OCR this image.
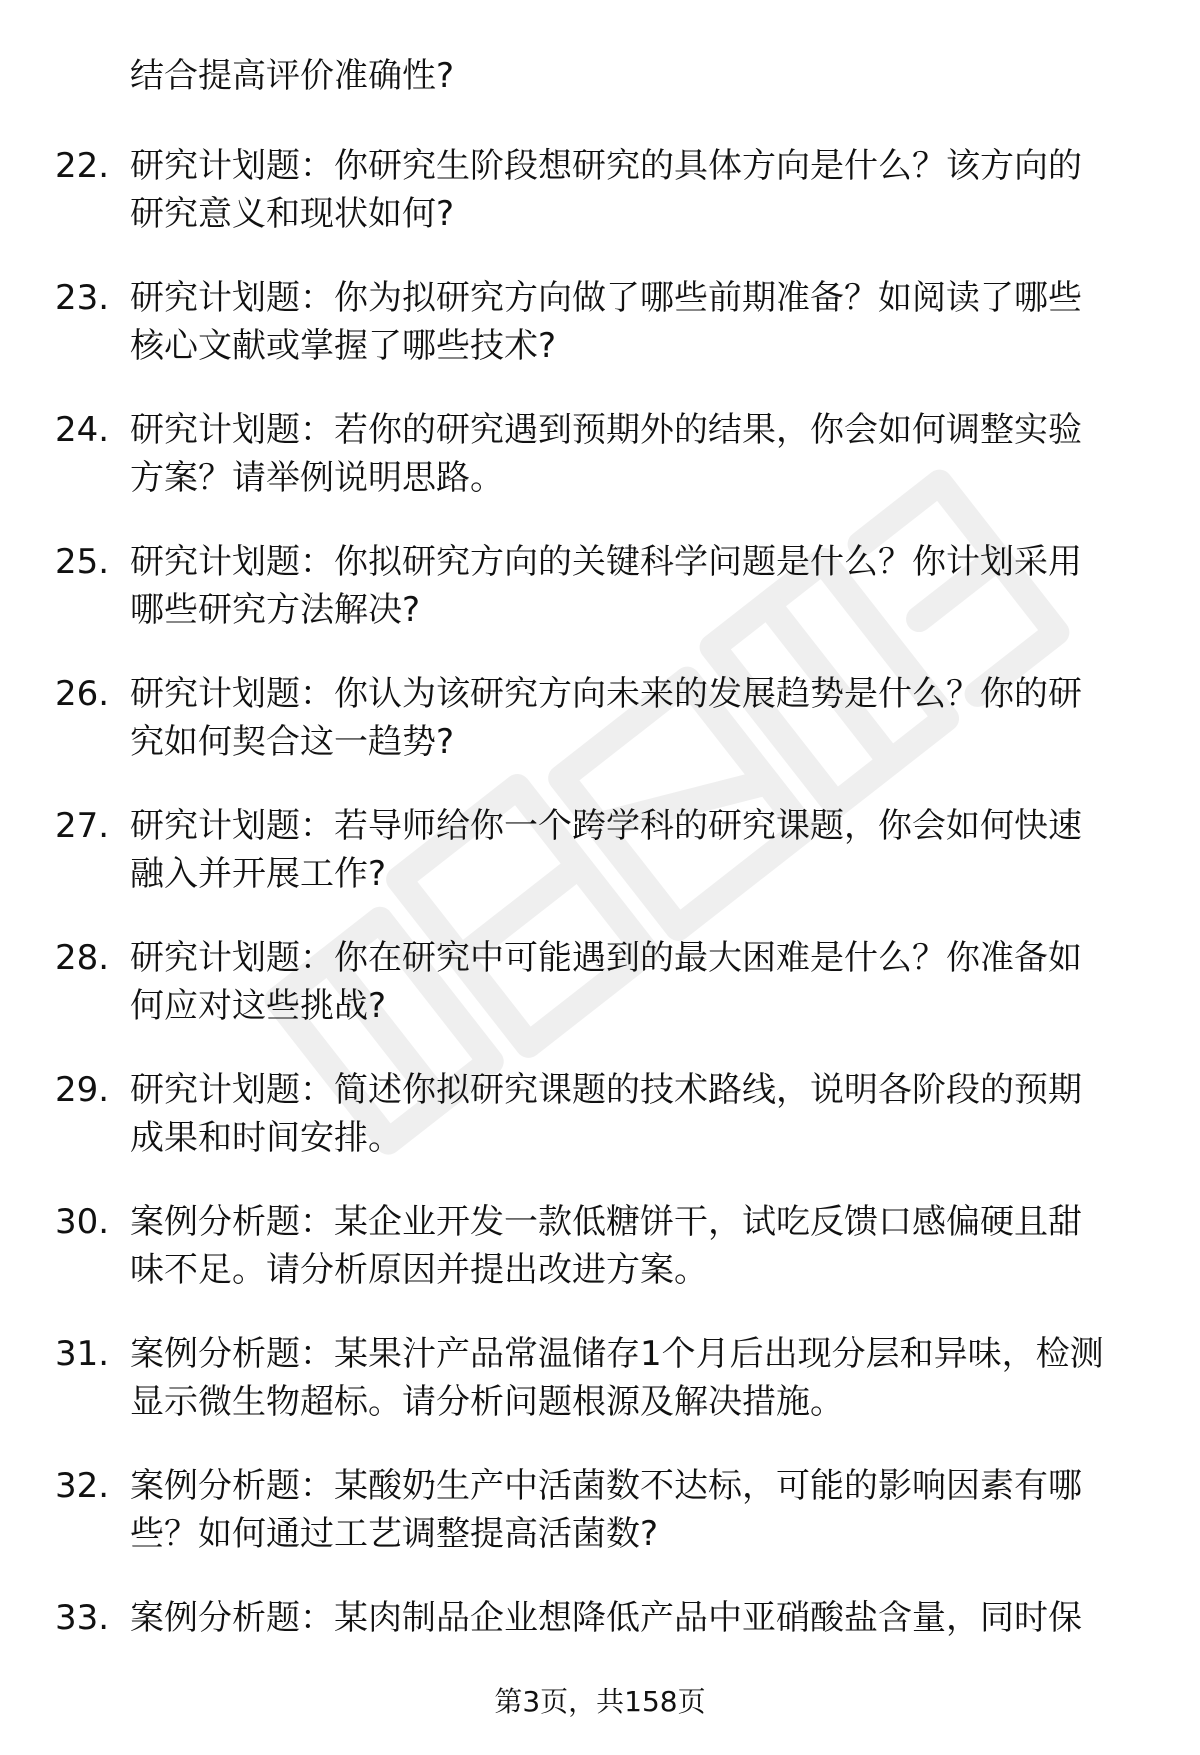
结合提高评价准确性?
22. 研究计划题：你研究生阶段想研究的具体方向是什么？该方向的
研究意义和现状如何?
23. 研究计划题：你为拟研究方向做了哪些前期准备？如阅读了哪些
核心文献或掌握了哪些技术?
24. 研究计划题：若你的研究遇到预期外的结果，你会如何调整实验
方案？请举例说明思路。
25. 研究计划题：你拟研究方向的关键科学问题是什么？你计划采用
哪些研究方法解决?
26. 研究计划题：你认为该研究方向未来的发展趋势是什么？你的研
究如何契合这一趋势?
27. 研究计划题：若导师给你一个跨学科的研究课题，你会如何快速
融入并开展工作?
28. 研究计划题：你在研究中可能遇到的最大困难是什么？你准备如
何应对这些挑战?
29. 研究计划题：简述你拟研究课题的技术路线，说明各阶段的预期
成果和时间安排。
30. 案例分析题：某企业开发一款低糖饼干，试吃反馈口感偏硬且甜
味不足。请分析原因并提出改进方案。
31. 案例分析题：某果汁产品常温储存1个月后出现分层和异味，检测
显示微生物超标。请分析问题根源及解决措施。
32. 案例分析题：某酸奶生产中活菌数不达标，可能的影响因素有哪
些？如何通过工艺调整提高活菌数?
33. 案例分析题：某肉制品企业想降低产品中亚硝酸盐含量，同时保
第3页，共158页
